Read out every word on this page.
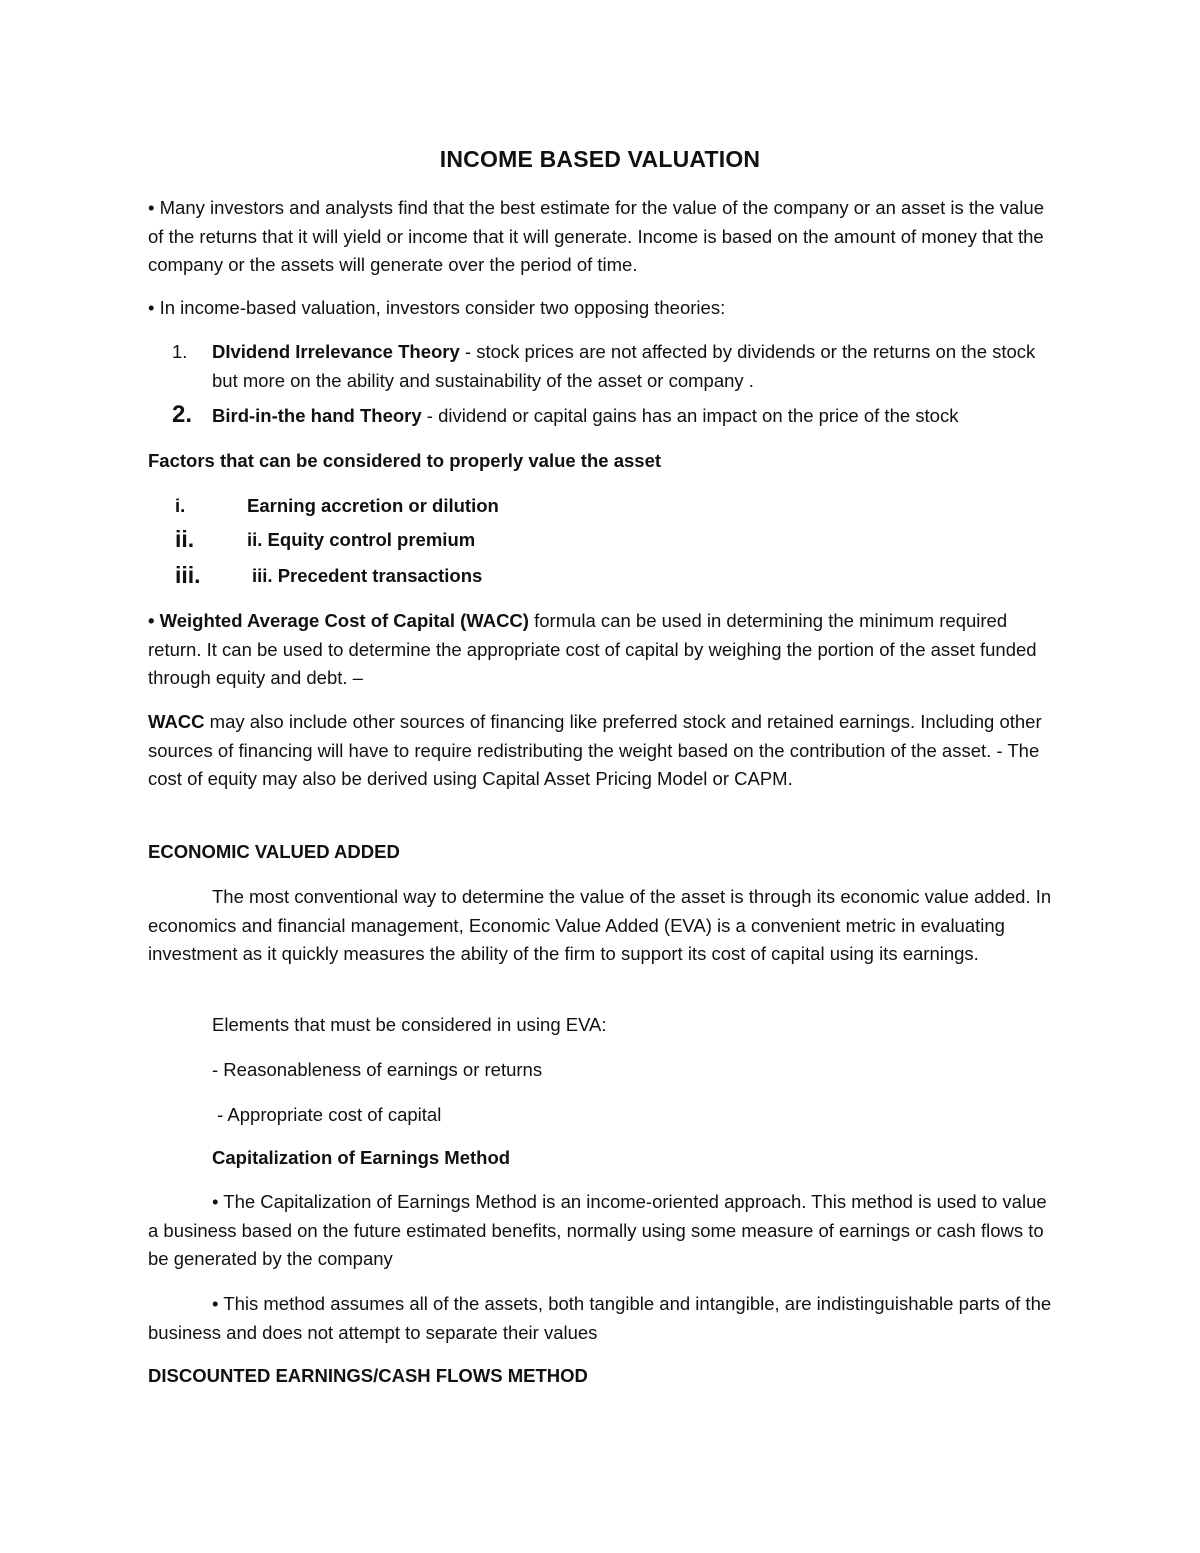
INCOME BASED VALUATION

• Many investors and analysts find that the best estimate for the value of the company or an asset is the value of the returns that it will yield or income that it will generate. Income is based on the amount of money that the company or the assets will generate over the period of time.

• In income-based valuation, investors consider two opposing theories:

1.	DIvidend Irrelevance Theory - stock prices are not affected by dividends or the returns on the stock but more on the ability and sustainability of the asset or company .

2.	Bird-in-the hand Theory - dividend or capital gains has an impact on the price of the stock

Factors that can be considered to properly value the asset

i.	Earning accretion or dilution
ii.	ii. Equity control premium
iii.	iii. Precedent transactions

• Weighted Average Cost of Capital (WACC) formula can be used in determining the minimum required return. It can be used to determine the appropriate cost of capital by weighing the portion of the asset funded through equity and debt. –

WACC may also include other sources of financing like preferred stock and retained earnings. Including other sources of financing will have to require redistributing the weight based on the contribution of the asset. - The cost of equity may also be derived using Capital Asset Pricing Model or CAPM.

ECONOMIC VALUED ADDED

The most conventional way to determine the value of the asset is through its economic value added. In economics and financial management, Economic Value Added (EVA) is a convenient metric in evaluating investment as it quickly measures the ability of the firm to support its cost of capital using its earnings.

Elements that must be considered in using EVA:

- Reasonableness of earnings or returns

- Appropriate cost of capital

Capitalization of Earnings Method

• The Capitalization of Earnings Method is an income-oriented approach. This method is used to value a business based on the future estimated benefits, normally using some measure of earnings or cash flows to be generated by the company

• This method assumes all of the assets, both tangible and intangible, are indistinguishable parts of the business and does not attempt to separate their values

DISCOUNTED EARNINGS/CASH FLOWS METHOD
